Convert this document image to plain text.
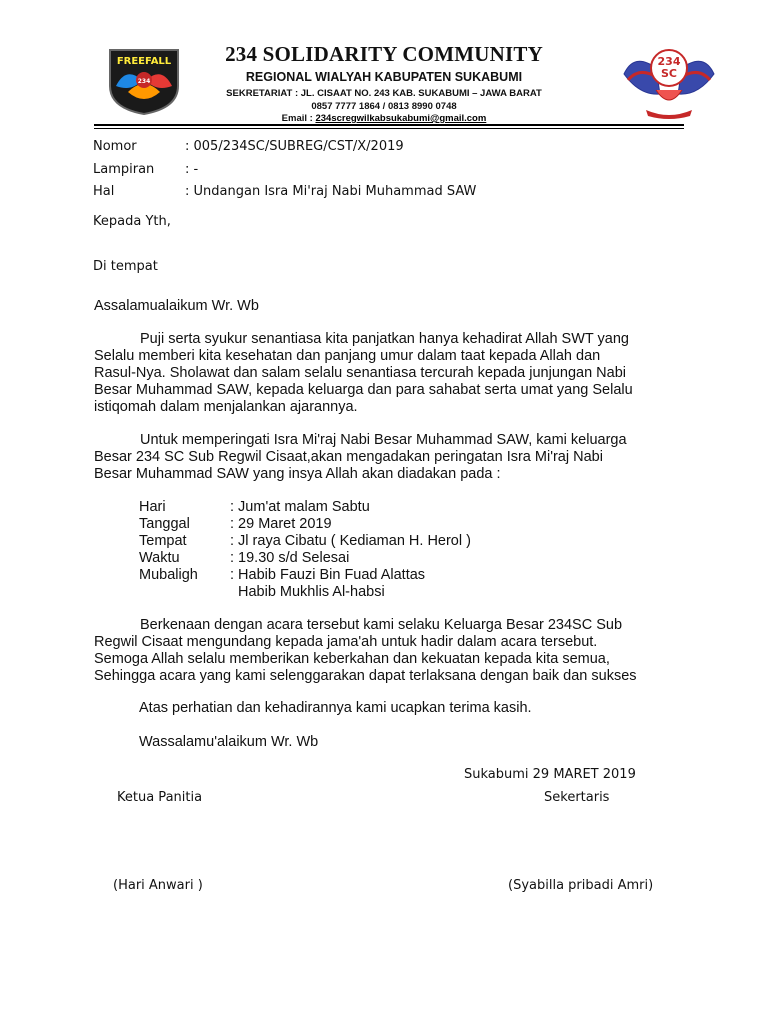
FREEFALL
234
234
SC
234 SOLIDARITY COMMUNITY
REGIONAL WIALYAH KABUPATEN SUKABUMI
SEKRETARIAT : JL. CISAAT NO. 243 KAB. SUKABUMI – JAWA BARAT
0857 7777 1864 / 0813 8990 0748
Email : 234scregwilkabsukabumi@gmail.com
Nomor	: 005/234SC/SUBREG/CST/X/2019
Lampiran : -
Hal	: Undangan Isra Mi'raj Nabi Muhammad SAW
Kepada Yth,
Di tempat
Assalamualaikum Wr. Wb
Puji serta syukur senantiasa kita panjatkan hanya kehadirat Allah SWT yang
Selalu memberi kita kesehatan dan panjang umur dalam taat kepada Allah dan
Rasul-Nya. Sholawat dan salam selalu senantiasa tercurah kepada junjungan Nabi
Besar Muhammad SAW, kepada keluarga dan para sahabat serta umat yang Selalu
istiqomah dalam menjalankan ajarannya.
Untuk memperingati Isra Mi'raj Nabi Besar Muhammad SAW, kami keluarga
Besar 234 SC Sub Regwil Cisaat,akan mengadakan peringatan Isra Mi'raj Nabi
Besar Muhammad SAW yang insya Allah akan diadakan pada :
Hari	: Jum'at malam Sabtu
Tanggal	: 29 Maret 2019
Tempat	: Jl raya Cibatu ( Kediaman H. Herol )
Waktu	: 19.30 s/d Selesai
Mubaligh : Habib Fauzi Bin Fuad Alattas
Habib Mukhlis Al-habsi
Berkenaan dengan acara tersebut kami selaku Keluarga Besar 234SC Sub
Regwil Cisaat mengundang kepada jama'ah untuk hadir dalam acara tersebut.
Semoga Allah selalu memberikan keberkahan dan kekuatan kepada kita semua,
Sehingga acara yang kami selenggarakan dapat terlaksana dengan baik dan sukses
Atas perhatian dan kehadirannya kami ucapkan terima kasih.
Wassalamu'alaikum Wr. Wb
Sukabumi 29 MARET 2019
Ketua Panitia	Sekertaris
(Hari Anwari )	(Syabilla pribadi Amri)
